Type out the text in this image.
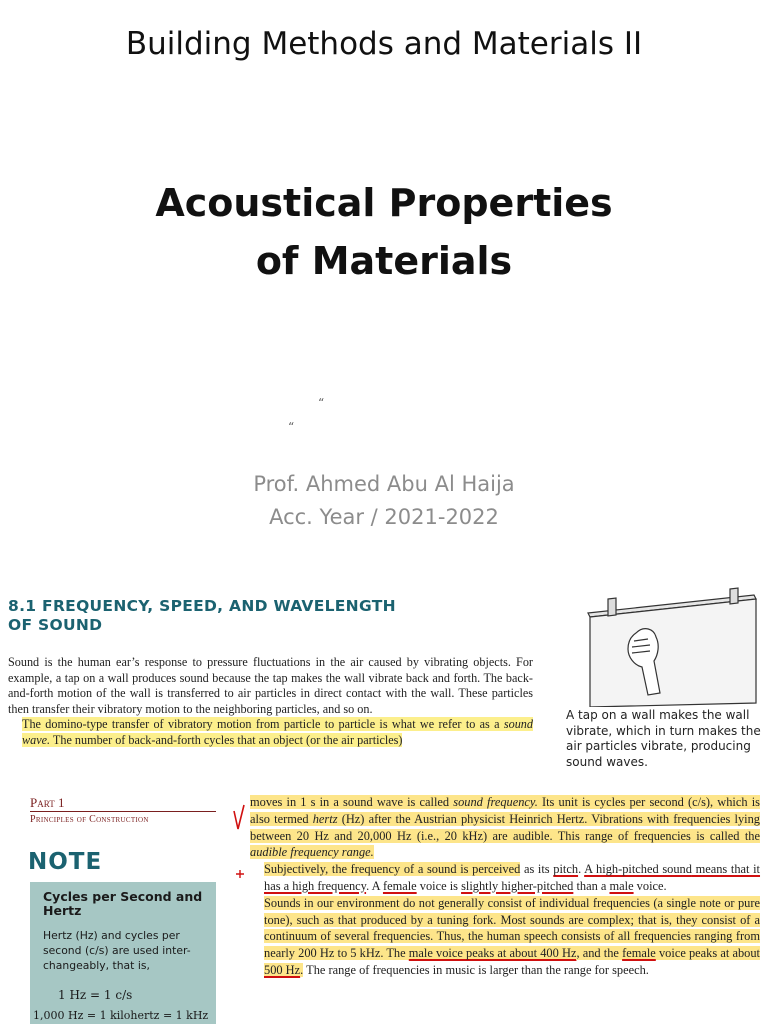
Building Methods and Materials II
Acoustical Properties
of Materials
“
“
Prof. Ahmed Abu Al Haija
Acc. Year / 2021-2022
8.1 FREQUENCY, SPEED, AND WAVELENGTH
OF SOUND
Sound is the human ear’s response to pressure fluctuations in the air caused by vibrating objects. For example, a tap on a wall produces sound because the tap makes the wall vibrate back and forth. The back-and-forth motion of the wall is transferred to air particles in direct contact with the wall. These particles then transfer their vibratory motion to the neighboring particles, and so on.
The domino-type transfer of vibratory motion from particle to particle is what we refer to as a sound wave. The number of back-and-forth cycles that an object (or the air particles)
A tap on a wall makes the wall vibrate, which in turn makes the air particles vibrate, producing sound waves.
Part 1
Principles of Construction
NOTE
Cycles per Second and Hertz
Hertz (Hz) and cycles per second (c/s) are used inter-changeably, that is,
1 Hz = 1 c/s
1,000 Hz = 1 kilohertz = 1 kHz
moves in 1 s in a sound wave is called sound frequency. Its unit is cycles per second (c/s), which is also termed hertz (Hz) after the Austrian physicist Heinrich Hertz. Vibrations with frequencies lying between 20 Hz and 20,000 Hz (i.e., 20 kHz) are audible. This range of frequencies is called the audible frequency range.
Subjectively, the frequency of a sound is perceived as its pitch. A high-pitched sound means that it has a high frequency. A female voice is slightly higher-pitched than a male voice.
Sounds in our environment do not generally consist of individual frequencies (a single note or pure tone), such as that produced by a tuning fork. Most sounds are complex; that is, they consist of a continuum of several frequencies. Thus, the human speech consists of all frequencies ranging from nearly 200 Hz to 5 kHz. The male voice peaks at about 400 Hz, and the female voice peaks at about 500 Hz. The range of frequencies in music is larger than the range for speech.
